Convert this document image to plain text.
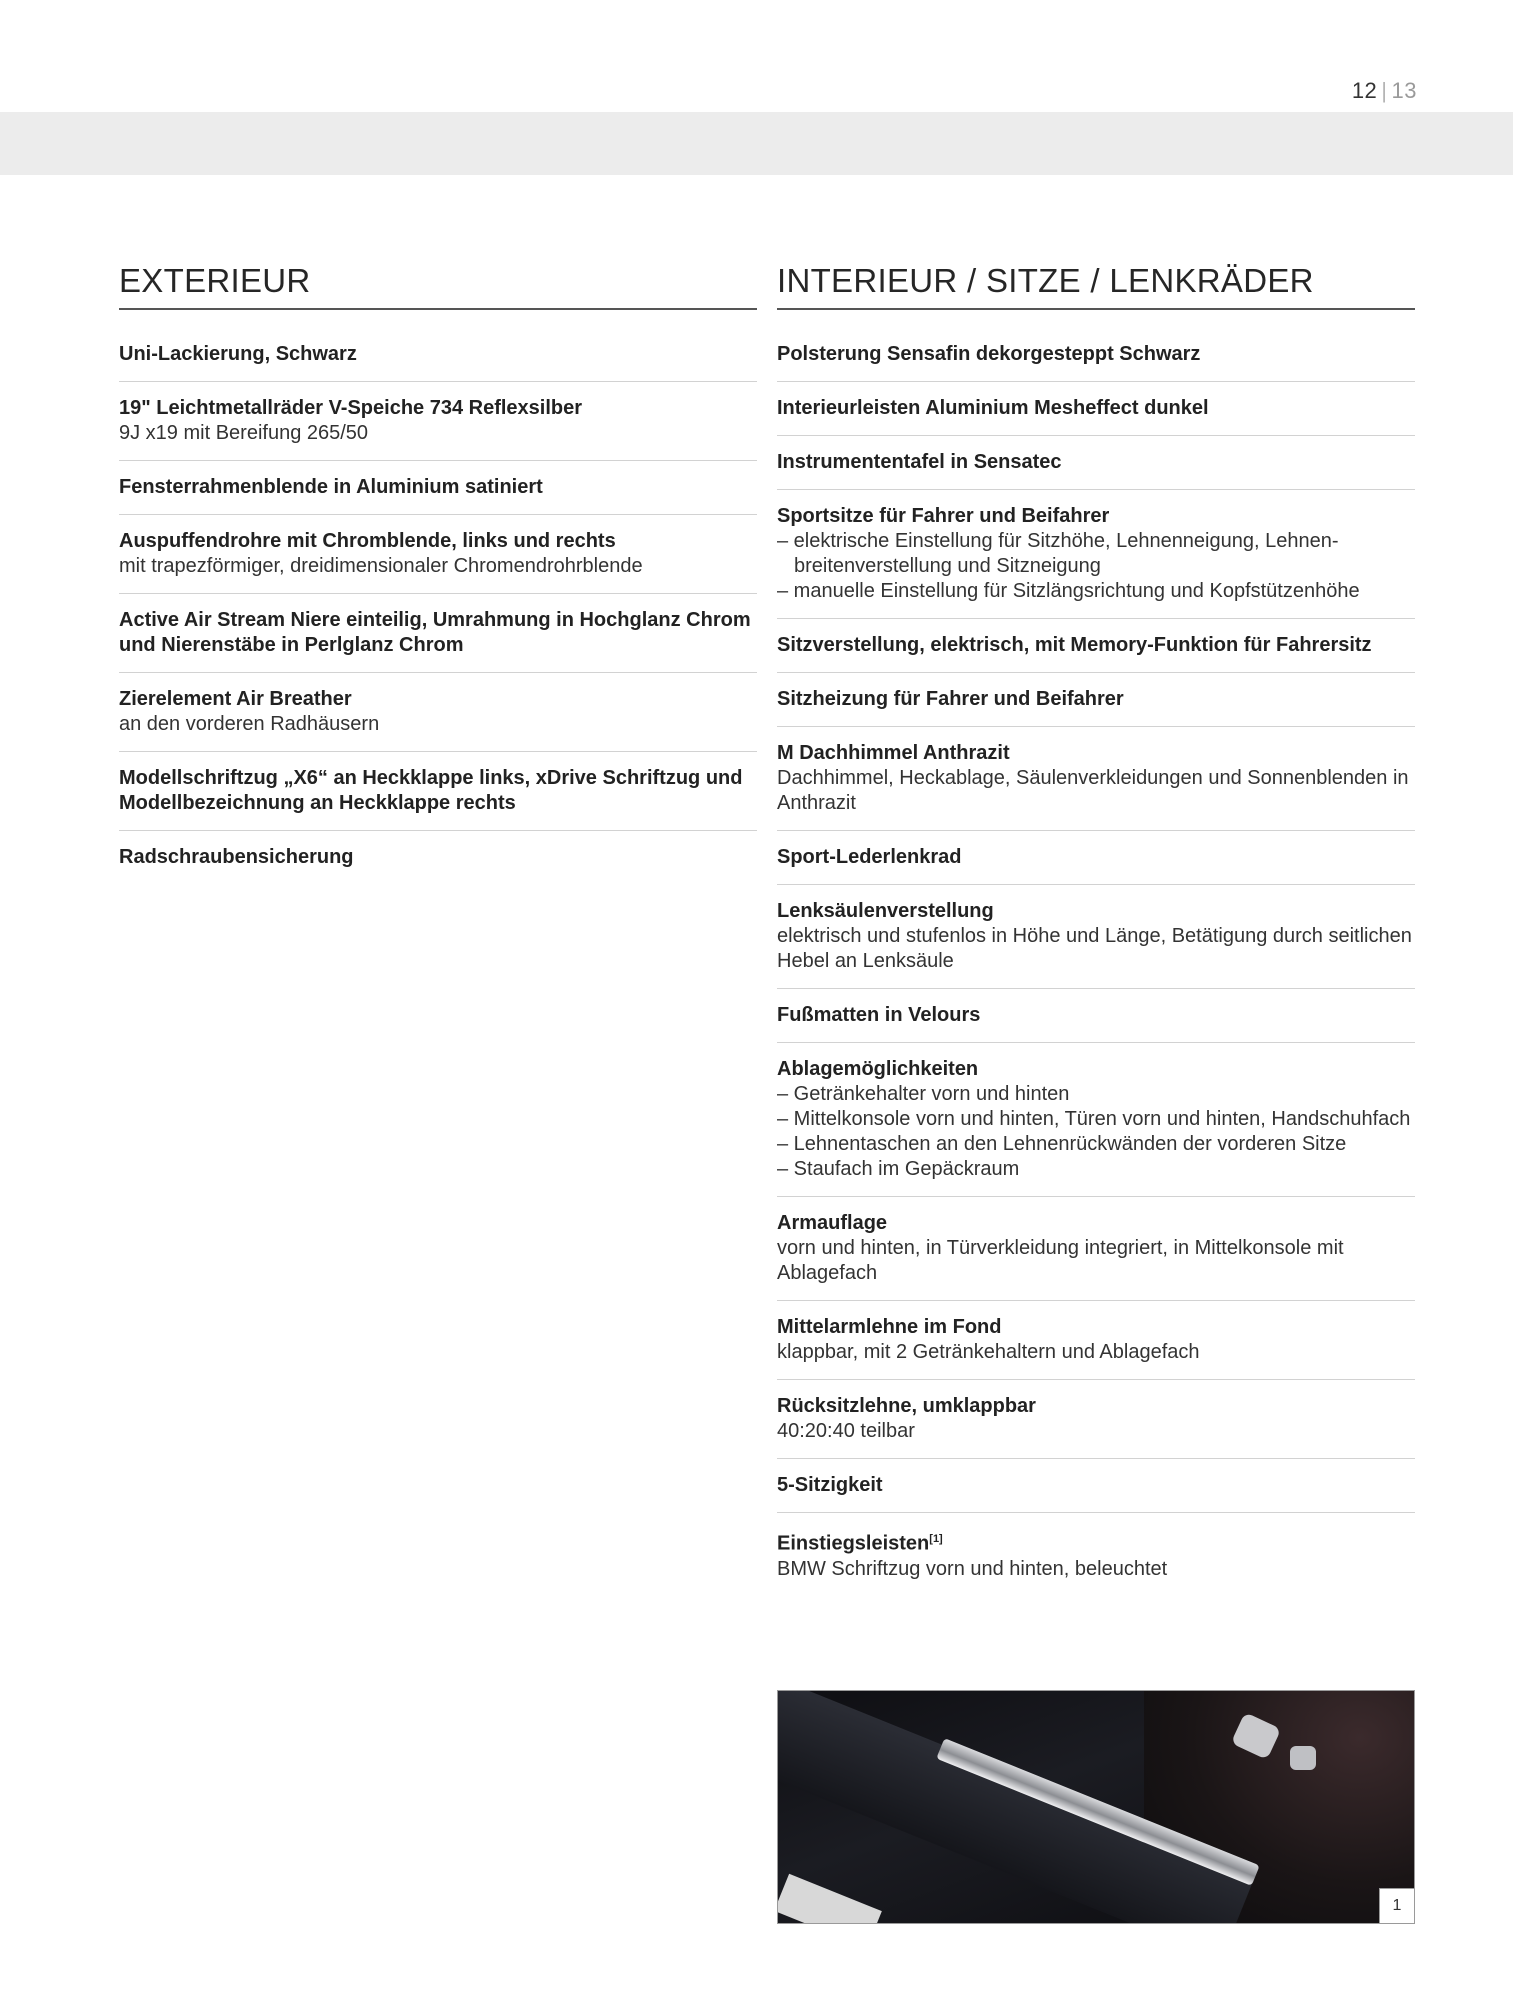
12 | 13
EXTERIEUR
Uni-Lackierung, Schwarz
19" Leichtmetallräder V-Speiche 734 Reflexsilber
9J x19 mit Bereifung 265/50
Fensterrahmenblende in Aluminium satiniert
Auspuffendrohre mit Chromblende, links und rechts
mit trapezförmiger, dreidimensionaler Chromendrohrblende
Active Air Stream Niere einteilig, Umrahmung in Hochglanz Chrom und Nierenstäbe in Perlglanz Chrom
Zierelement Air Breather
an den vorderen Radhäusern
Modellschriftzug „X6“ an Heckklappe links, xDrive Schriftzug und Modellbezeichnung an Heckklappe rechts
Radschraubensicherung
INTERIEUR / SITZE / LENKRÄDER
Polsterung Sensafin dekorgesteppt Schwarz
Interieurleisten Aluminium Mesheffect dunkel
Instrumententafel in Sensatec
Sportsitze für Fahrer und Beifahrer
– elektrische Einstellung für Sitzhöhe, Lehnenneigung, Lehnenbreitenverstellung und Sitzneigung
– manuelle Einstellung für Sitzlängsrichtung und Kopfstützenhöhe
Sitzverstellung, elektrisch, mit Memory-Funktion für Fahrersitz
Sitzheizung für Fahrer und Beifahrer
M Dachhimmel Anthrazit
Dachhimmel, Heckablage, Säulenverkleidungen und Sonnenblenden in Anthrazit
Sport-Lederlenkrad
Lenksäulenverstellung
elektrisch und stufenlos in Höhe und Länge, Betätigung durch seitlichen Hebel an Lenksäule
Fußmatten in Velours
Ablagemöglichkeiten
– Getränkehalter vorn und hinten
– Mittelkonsole vorn und hinten, Türen vorn und hinten, Handschuhfach
– Lehnentaschen an den Lehnenrückwänden der vorderen Sitze
– Staufach im Gepäckraum
Armauflage
vorn und hinten, in Türverkleidung integriert, in Mittelkonsole mit Ablagefach
Mittelarmlehne im Fond
klappbar, mit 2 Getränkehaltern und Ablagefach
Rücksitzlehne, umklappbar
40:20:40 teilbar
5-Sitzigkeit
Einstiegsleisten[1]
BMW Schriftzug vorn und hinten, beleuchtet
1
